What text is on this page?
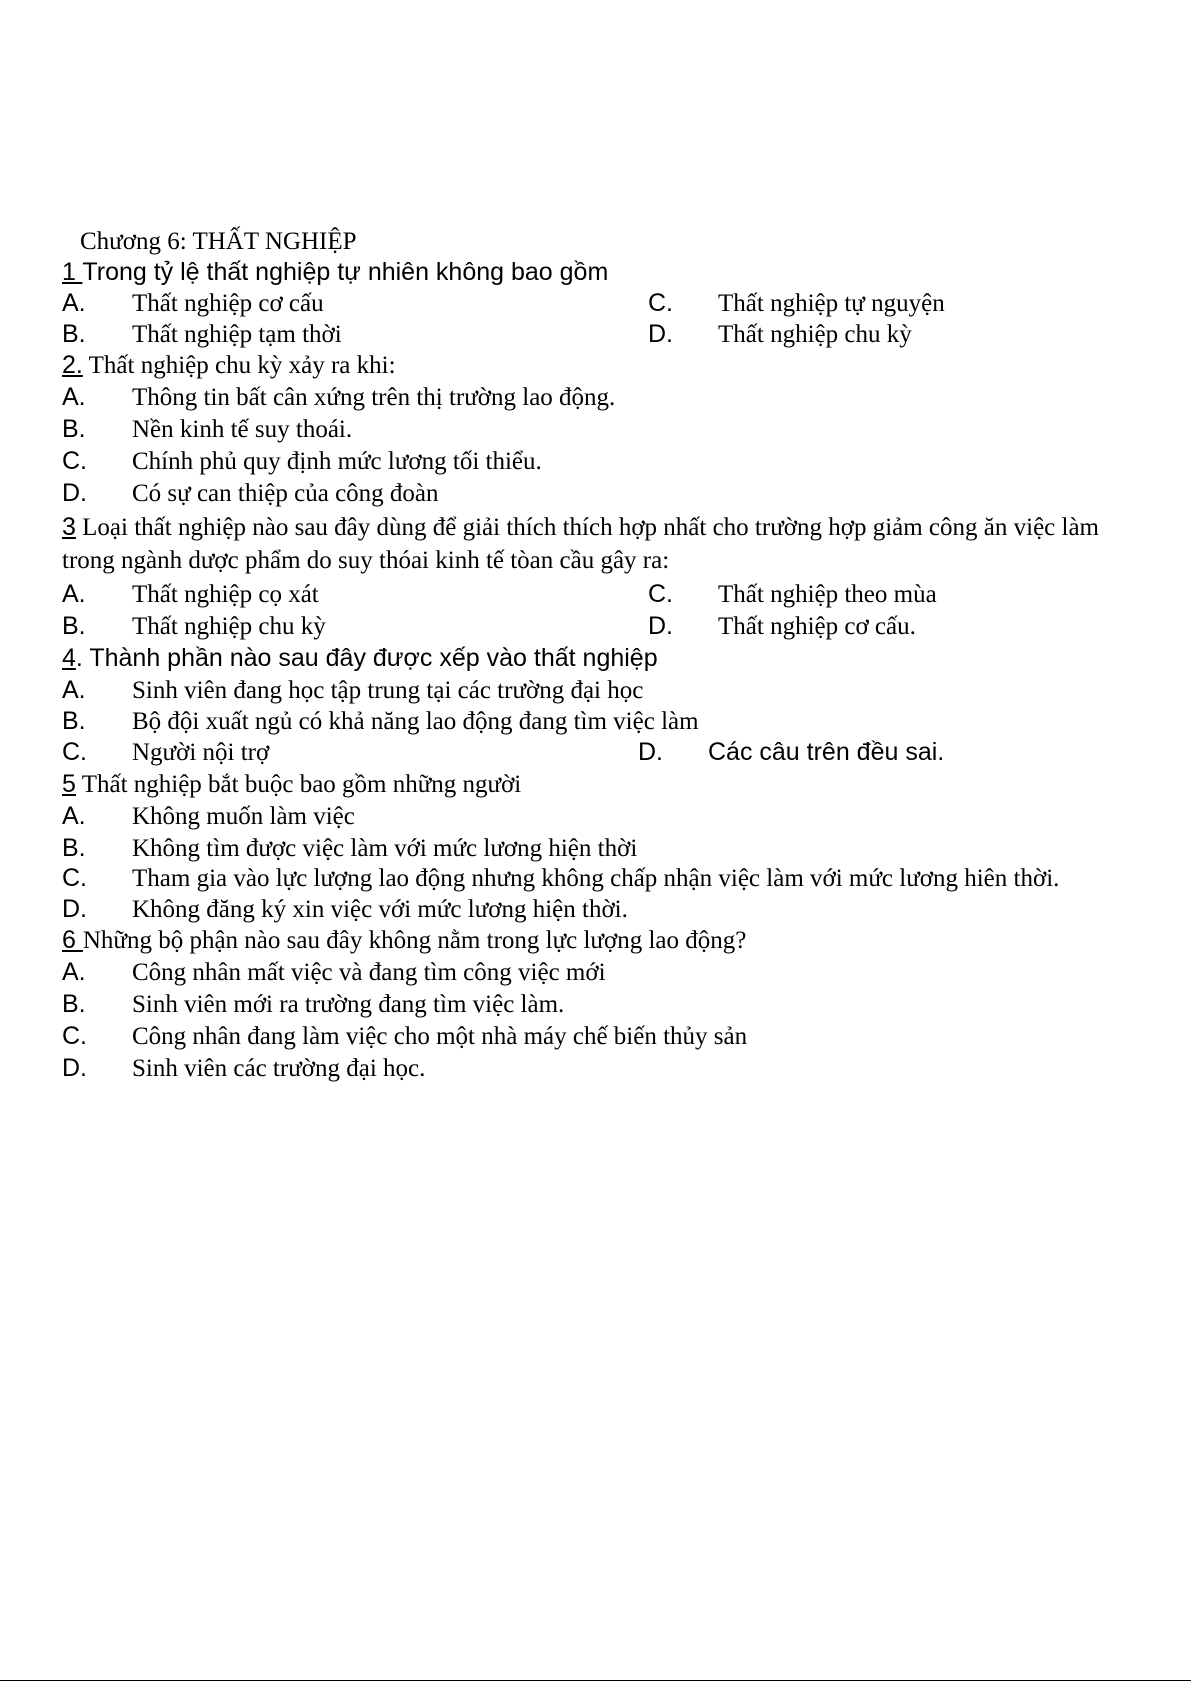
Chương 6: THẤT NGHIỆP
1 Trong tỷ lệ thất nghiệp tự nhiên không bao gồm
A. Thất nghiệp cơ cấu	C. Thất nghiệp tự nguyện
B. Thất nghiệp tạm thời	D. Thất nghiệp chu kỳ
2. Thất nghiệp chu kỳ xảy ra khi:
A. Thông tin bất cân xứng trên thị trường lao động.
B. Nền kinh tế suy thoái.
C. Chính phủ quy định mức lương tối thiểu.
D. Có sự can thiệp của công đoàn
3 Loại thất nghiệp nào sau đây dùng để giải thích thích hợp nhất cho trường hợp giảm công ăn việc làm
trong ngành dược phẩm do suy thóai kinh tế tòan cầu gây ra:
A. Thất nghiệp cọ xát	C. Thất nghiệp theo mùa
B. Thất nghiệp chu kỳ	D. Thất nghiệp cơ cấu.
4. Thành phần nào sau đây được xếp vào thất nghiệp
A. Sinh viên đang học tập trung tại các trường đại học
B. Bộ đội xuất ngủ có khả năng lao động đang tìm việc làm
C. Người nội trợ	D. Các câu trên đều sai.
5 Thất nghiệp bắt buộc bao gồm những người
A. Không muốn làm việc
B. Không tìm được việc làm với mức lương hiện thời
C. Tham gia vào lực lượng lao động nhưng không chấp nhận việc làm với mức lương hiên thời.
D. Không đăng ký xin việc với mức lương hiện thời.
6 Những bộ phận nào sau đây không nằm trong lực lượng lao động?
A. Công nhân mất việc và đang tìm công việc mới
B. Sinh viên mới ra trường đang tìm việc làm.
C. Công nhân đang làm việc cho một nhà máy chế biến thủy sản
D. Sinh viên các trường đại học.
